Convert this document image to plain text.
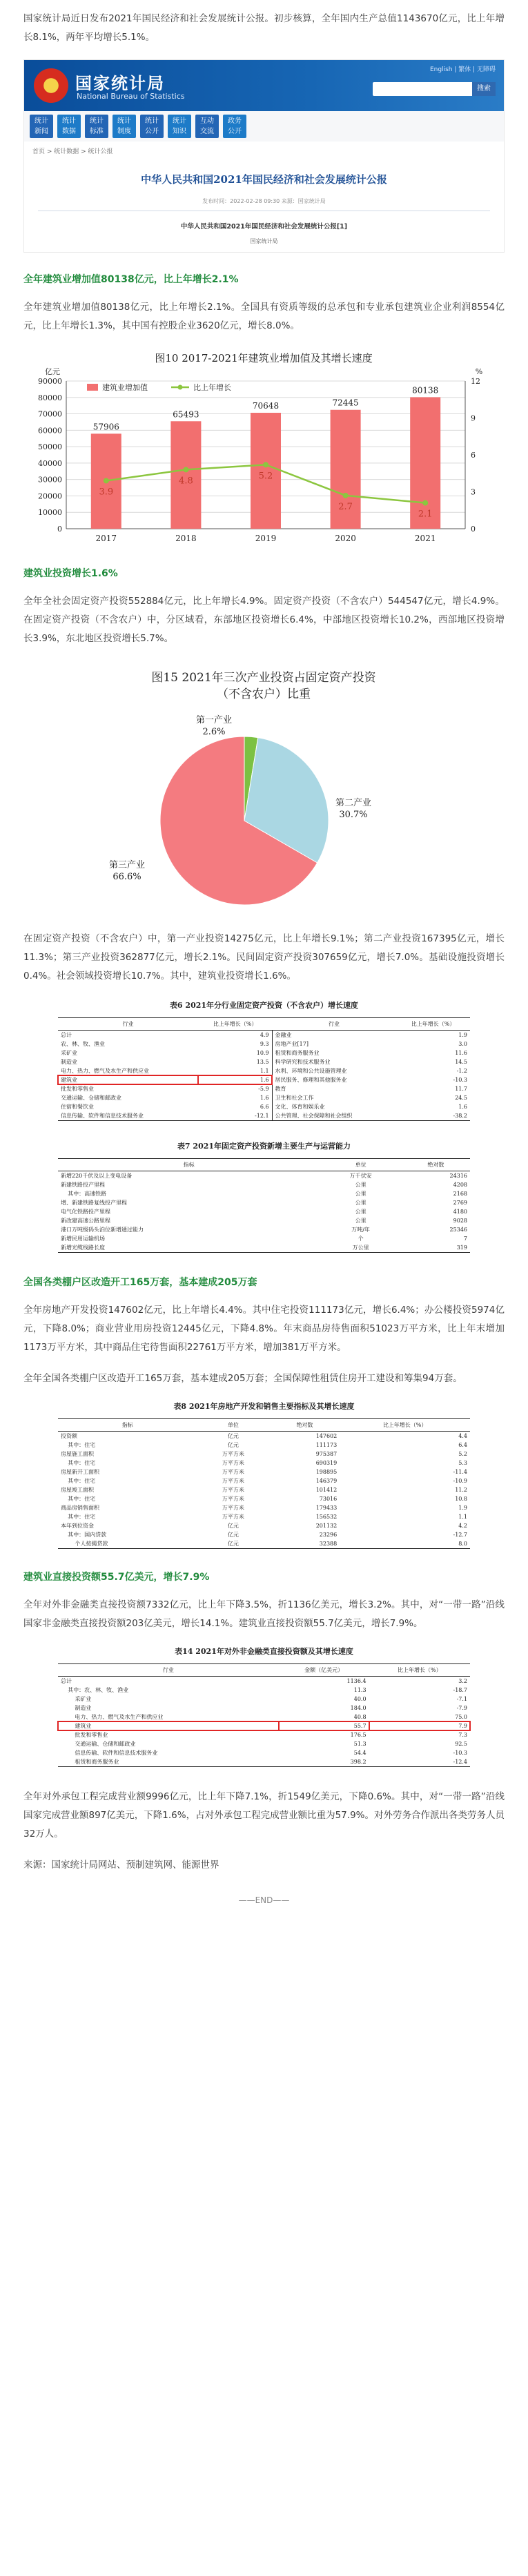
国家统计局近日发布2021年国民经济和社会发展统计公报。初步核算，全年国内生产总值1143670亿元，比上年增长8.1%，两年平均增长5.1%。

国家统计局
National Bureau of Statistics
English | 繁体 | 无障碍
搜索
统计
新闻
统计
数据
统计
标准
统计
制度
统计
公开
统计
知识
互动
交流
政务
公开
首页 > 统计数据 > 统计公报
中华人民共和国2021年国民经济和社会发展统计公报
发布时间：2022-02-28 09:30 来源：国家统计局
中华人民共和国2021年国民经济和社会发展统计公报[1]
国家统计局
全年建筑业增加值80138亿元，比上年增长2.1%

全年建筑业增加值80138亿元，比上年增长2.1%。全国具有资质等级的总承包和专业承包建筑业企业利润8554亿元，比上年增长1.3%，其中国有控股企业3620亿元，增长8.0%。

图10 2017-2021年建筑业增加值及其增长速度
亿元	%
0
10000
20000
30000
40000
50000
60000
70000
80000
90000
0
3
6
9
12
57906
2017
65493
2018
70648
2019
72445
2020
80138
2021
3.9
4.8	5.2
2.7
2.1
建筑业增加值	比上年增长
建筑业投资增长1.6%

全年全社会固定资产投资552884亿元，比上年增长4.9%。固定资产投资（不含农户）544547亿元，增长4.9%。在固定资产投资（不含农户）中，分区域看，东部地区投资增长6.4%，中部地区投资增长10.2%，西部地区投资增长3.9%，东北地区投资增长5.7%。

图15 2021年三次产业投资占固定资产投资
（不含农户）比重
第一产业
2.6%
第二产业
30.7%
第三产业
66.6%

在固定资产投资（不含农户）中，第一产业投资14275亿元，比上年增长9.1%；第二产业投资167395亿元，增长11.3%；第三产业投资362877亿元，增长2.1%。民间固定资产投资307659亿元，增长7.0%。基础设施投资增长0.4%。社会领域投资增长10.7%。其中，建筑业投资增长1.6%。

表6 2021年分行业固定资产投资（不含农户）增长速度
行业	比上年增长（%）	行业	比上年增长（%）
总计	4.9	金融业	1.9
农、林、牧、渔业	9.3	房地产业[17]	3.0
采矿业	10.9	租赁和商务服务业	11.6
制造业	13.5	科学研究和技术服务业	14.5
电力、热力、燃气及水生产和供应业	1.1	水利、环境和公共设施管理业	-1.2
建筑业	1.6	居民服务、修理和其他服务业	-10.3
批发和零售业	-5.9	教育	11.7
交通运输、仓储和邮政业	1.6	卫生和社会工作	24.5
住宿和餐饮业	6.6	文化、体育和娱乐业	1.6
信息传输、软件和信息技术服务业	-12.1	公共管理、社会保障和社会组织	-38.2
表7 2021年固定资产投资新增主要生产与运营能力
指标	单位	绝对数
新增220千伏及以上变电设备	万千伏安	24316
新建铁路投产里程	公里	4208
其中：高速铁路	公里	2168
增、新建铁路复线投产里程	公里	2769
电气化铁路投产里程	公里	4180
新改建高速公路里程	公里	9028
港口万吨级码头泊位新增通过能力	万吨/年	25346
新增民用运输机场	个	7
新增光缆线路长度	万公里	319
全国各类棚户区改造开工165万套，基本建成205万套

全年房地产开发投资147602亿元，比上年增长4.4%。其中住宅投资111173亿元，增长6.4%；办公楼投资5974亿元，下降8.0%；商业营业用房投资12445亿元，下降4.8%。年末商品房待售面积51023万平方米，比上年末增加1173万平方米，其中商品住宅待售面积22761万平方米，增加381万平方米。

全年全国各类棚户区改造开工165万套，基本建成205万套；全国保障性租赁住房开工建设和筹集94万套。

表8 2021年房地产开发和销售主要指标及其增长速度
指标	单位	绝对数	比上年增长（%）
投资额	亿元	147602	4.4
其中：住宅	亿元	111173	6.4
房屋施工面积	万平方米	975387	5.2
其中：住宅	万平方米	690319	5.3
房屋新开工面积	万平方米	198895	-11.4
其中：住宅	万平方米	146379	-10.9
房屋竣工面积	万平方米	101412	11.2
其中：住宅	万平方米	73016	10.8
商品房销售面积	万平方米	179433	1.9
其中：住宅	万平方米	156532	1.1
本年到位资金	亿元	201132	4.2
其中：国内贷款	亿元	23296	-12.7
个人按揭贷款	亿元	32388	8.0
建筑业直接投资额55.7亿美元，增长7.9%

全年对外非金融类直接投资额7332亿元，比上年下降3.5%，折1136亿美元，增长3.2%。其中，对“一带一路”沿线国家非金融类直接投资额203亿美元，增长14.1%。建筑业直接投资额55.7亿美元，增长7.9%。

表14 2021年对外非金融类直接投资额及其增长速度
行业	金额（亿美元）	比上年增长（%）
总计	1136.4	3.2
其中：农、林、牧、渔业	11.3	-18.7
采矿业	40.0	-7.1
制造业	184.0	-7.9
电力、热力、燃气及水生产和供应业	40.8	75.0
建筑业	55.7	7.9
批发和零售业	176.5	7.3
交通运输、仓储和邮政业	51.3	92.5
信息传输、软件和信息技术服务业	54.4	-10.3
租赁和商务服务业	398.2	-12.4

全年对外承包工程完成营业额9996亿元，比上年下降7.1%，折1549亿美元，下降0.6%。其中，对“一带一路”沿线国家完成营业额897亿美元，下降1.6%，占对外承包工程完成营业额比重为57.9%。对外劳务合作派出各类劳务人员32万人。

来源：国家统计局网站、预制建筑网、能源世界

——END——
